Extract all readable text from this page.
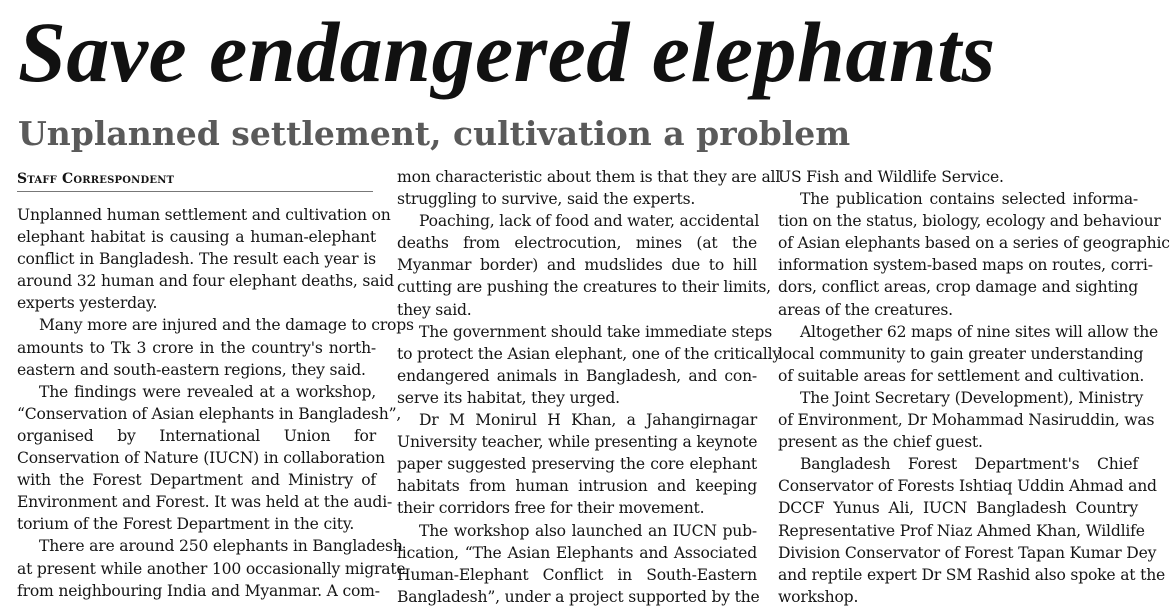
Save endangered elephants
Unplanned settlement, cultivation a problem
Staff Correspondent
Unplanned human settlement and cultivation on
elephant habitat is causing a human-elephant
conflict in Bangladesh. The result each year is
around 32 human and four elephant deaths, said
experts yesterday.
Many more are injured and the damage to crops
amounts to Tk 3 crore in the country's north-
eastern and south-eastern regions, they said.
The findings were revealed at a workshop,
“Conservation of Asian elephants in Bangladesh”,
organised by International Union for
Conservation of Nature (IUCN) in collaboration
with the Forest Department and Ministry of
Environment and Forest. It was held at the audi-
torium of the Forest Department in the city.
There are around 250 elephants in Bangladesh
at present while another 100 occasionally migrate
from neighbouring India and Myanmar. A com-
mon characteristic about them is that they are all
struggling to survive, said the experts.
Poaching, lack of food and water, accidental
deaths from electrocution, mines (at the
Myanmar border) and mudslides due to hill
cutting are pushing the creatures to their limits,
they said.
The government should take immediate steps
to protect the Asian elephant, one of the critically
endangered animals in Bangladesh, and con-
serve its habitat, they urged.
Dr M Monirul H Khan, a Jahangirnagar
University teacher, while presenting a keynote
paper suggested preserving the core elephant
habitats from human intrusion and keeping
their corridors free for their movement.
The workshop also launched an IUCN pub-
lication, “The Asian Elephants and Associated
Human-Elephant Conflict in South-Eastern
Bangladesh”, under a project supported by the
US Fish and Wildlife Service.
The publication contains selected informa-
tion on the status, biology, ecology and behaviour
of Asian elephants based on a series of geographic
information system-based maps on routes, corri-
dors, conflict areas, crop damage and sighting
areas of the creatures.
Altogether 62 maps of nine sites will allow the
local community to gain greater understanding
of suitable areas for settlement and cultivation.
The Joint Secretary (Development), Ministry
of Environment, Dr Mohammad Nasiruddin, was
present as the chief guest.
Bangladesh Forest Department's Chief
Conservator of Forests Ishtiaq Uddin Ahmad and
DCCF Yunus Ali, IUCN Bangladesh Country
Representative Prof Niaz Ahmed Khan, Wildlife
Division Conservator of Forest Tapan Kumar Dey
and reptile expert Dr SM Rashid also spoke at the
workshop.
